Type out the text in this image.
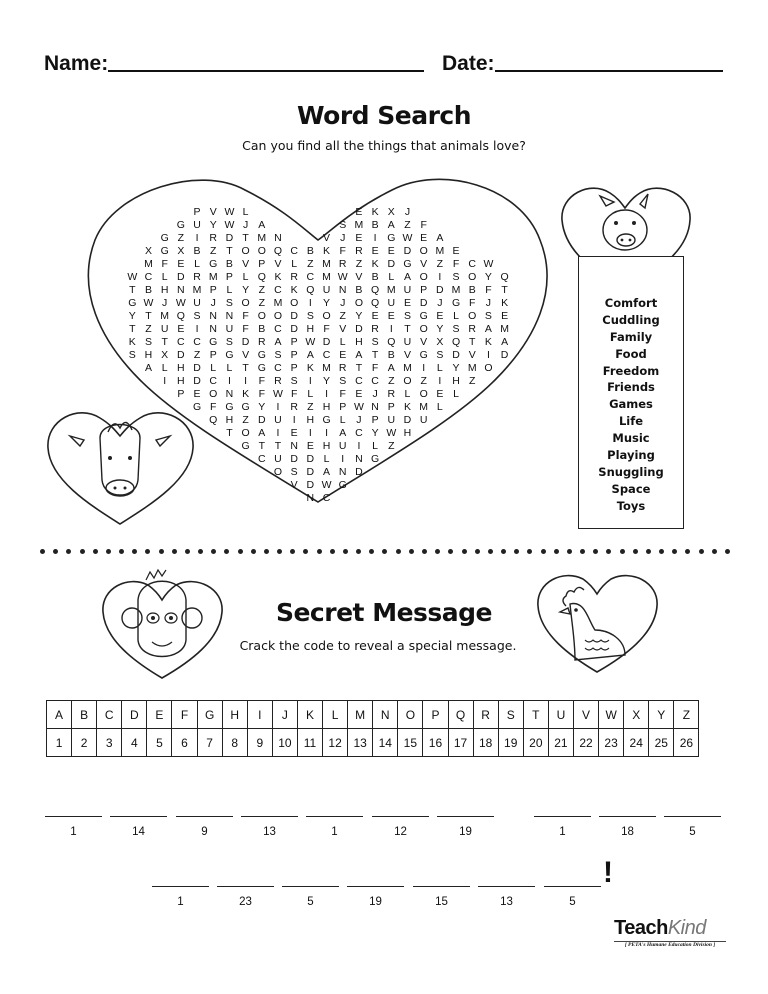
Name:	Date:
Word Search
Can you find all the things that animals love?
P V W L	E K X J
G U Y W J A	S M B A Z F
G Z	I	R D T M N	V J E	I	G W E A
X G X B Z T O O Q C B K F R E E D O M E
M F E L G B V P V L Z M R Z K D G V Z F C W
W C L D R M P L Q K R C M W V B L A O	I	S O Y Q
T B H N M P L Y Z C K Q U N B Q M U P D M B F T
G W J W U J S O Z M O	I	Y J O Q U E D J G F J K
Y T M Q S N N F O O D S O Z Y E E S G E L O S E
T Z U E	I	N U F B C D H F V D R	I	T O Y S R A M
K S T C C G S D R A P W D L H S Q U V X Q T K A
S H X D Z P G V G S P A C E A T B V G S D V	I	D
A L H D L L T G C P K M R T F A M I	L Y M O
I	H D C	I	I	F R S	I	Y S C C Z O Z	I	H Z
P E O N K F W F L	I	F E J R L O E L
G F G G Y	I	R Z H P W N P K M L
Q H Z D U	I	H G L	J P U D U
T O A	I	E	I	I	A C Y W H
G T T N E H U	I	L Z
C U D D L	I	N G
O S D A N D
V D W G
N C
Comfort
Cuddling
Family
Food
Freedom
Friends
Games
Life
Music
Playing
Snuggling
Space
Toys
Secret Message
Crack the code to reveal a special message.
A	B	C	D	E	F	G	H	I	J	K	L	M	N	O	P	Q	R	S	T	U	V	W	X	Y	Z
1	2	3	4	5	6	7	8	9	10	11	12	13	14	15	16	17	18	19	20	21	22	23	24	25	26
1	14	9	13	1	12	19	1	18	5
1	23	5	19	15	13	5
!
TeachKind
[ PETA's Humane Education Division ]
